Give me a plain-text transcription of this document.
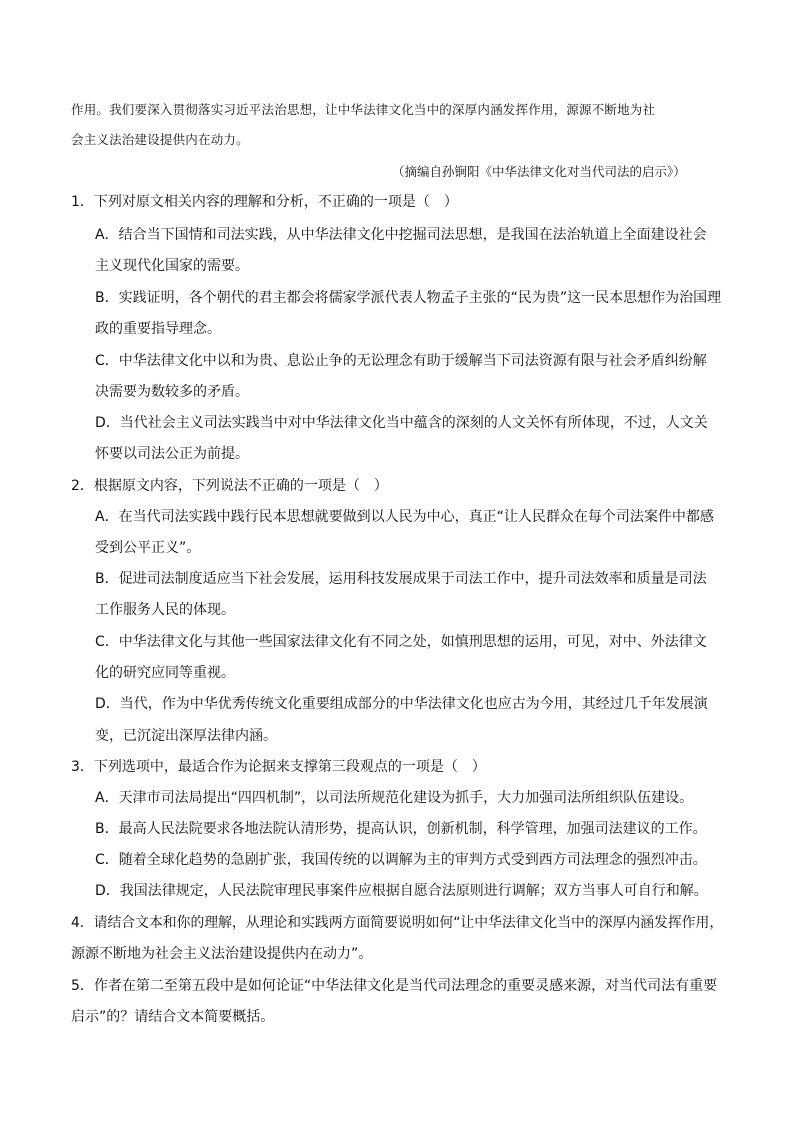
作用。我们要深入贯彻落实习近平法治思想，让中华法律文化当中的深厚内涵发挥作用，源源不断地为社
会主义法治建设提供内在动力。
（摘编自孙锏阳《中华法律文化对当代司法的启示》）
1．下列对原文相关内容的理解和分析，不正确的一项是（　）
A．结合当下国情和司法实践，从中华法律文化中挖掘司法思想，是我国在法治轨道上全面建设社会
主义现代化国家的需要。
B．实践证明，各个朝代的君主都会将儒家学派代表人物孟子主张的“民为贵”这一民本思想作为治国理
政的重要指导理念。
C．中华法律文化中以和为贵、息讼止争的无讼理念有助于缓解当下司法资源有限与社会矛盾纠纷解
决需要为数较多的矛盾。
D．当代社会主义司法实践当中对中华法律文化当中蕴含的深刻的人文关怀有所体现，不过，人文关
怀要以司法公正为前提。
2．根据原文内容，下列说法不正确的一项是（　）
A．在当代司法实践中践行民本思想就要做到以人民为中心，真正“让人民群众在每个司法案件中都感
受到公平正义”。
B．促进司法制度适应当下社会发展，运用科技发展成果于司法工作中，提升司法效率和质量是司法
工作服务人民的体现。
C．中华法律文化与其他一些国家法律文化有不同之处，如慎刑思想的运用，可见，对中、外法律文
化的研究应同等重视。
D．当代，作为中华优秀传统文化重要组成部分的中华法律文化也应古为今用，其经过几千年发展演
变，已沉淀出深厚法律内涵。
3．下列选项中，最适合作为论据来支撑第三段观点的一项是（　）
A．天津市司法局提出“四四机制”，以司法所规范化建设为抓手，大力加强司法所组织队伍建设。
B．最高人民法院要求各地法院认清形势，提高认识，创新机制，科学管理，加强司法建议的工作。
C．随着全球化趋势的急剧扩张，我国传统的以调解为主的审判方式受到西方司法理念的强烈冲击。
D．我国法律规定，人民法院审理民事案件应根据自愿合法原则进行调解；双方当事人可自行和解。
4．请结合文本和你的理解，从理论和实践两方面简要说明如何“让中华法律文化当中的深厚内涵发挥作用，
源源不断地为社会主义法治建设提供内在动力”。
5．作者在第二至第五段中是如何论证“中华法律文化是当代司法理念的重要灵感来源，对当代司法有重要
启示”的？请结合文本简要概括。
